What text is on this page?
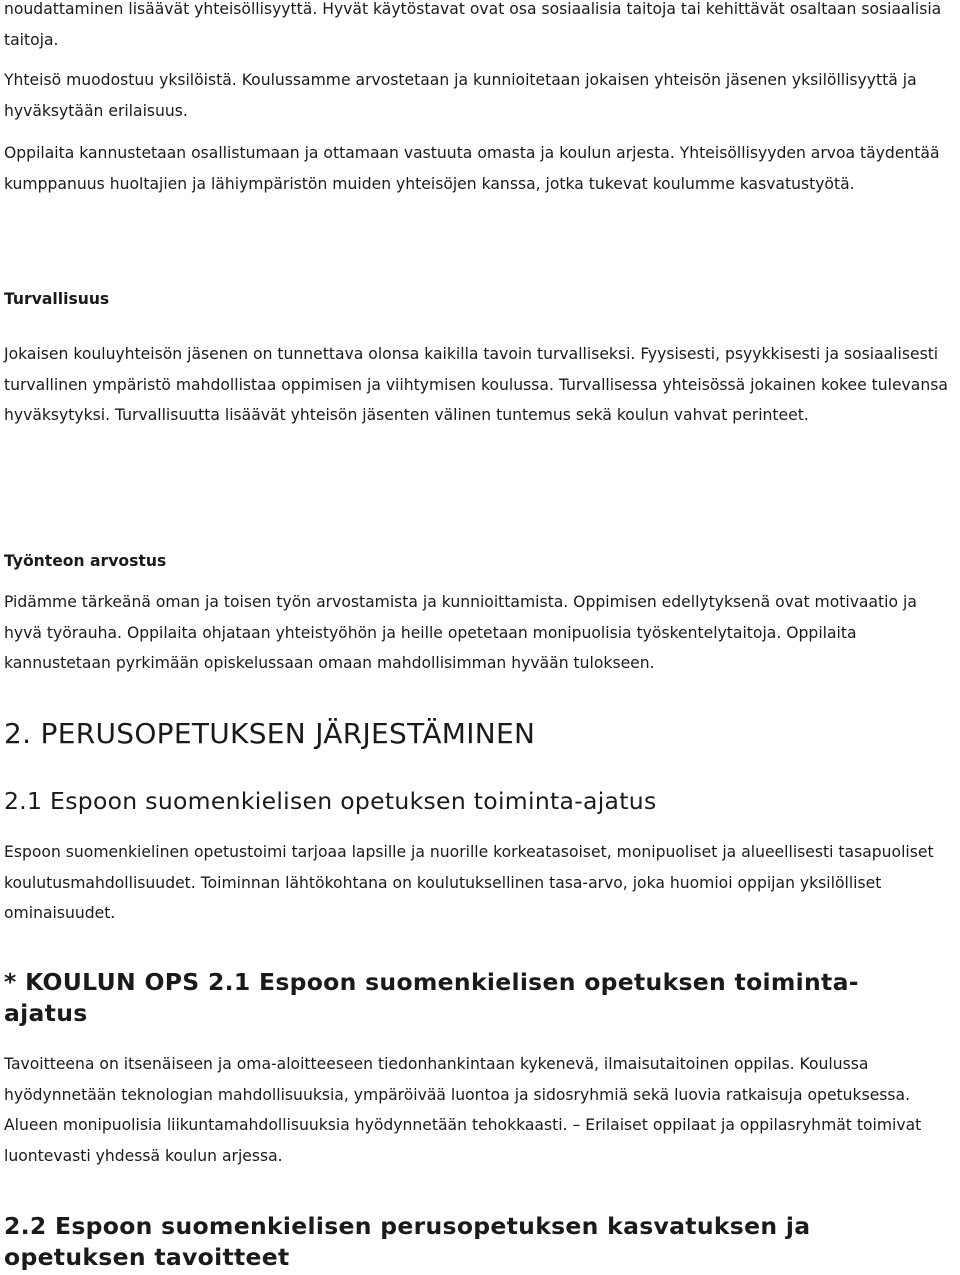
noudattaminen lisäävät yhteisöllisyyttä. Hyvät käytöstavat ovat osa sosiaalisia taitoja tai kehittävät osaltaan sosiaalisia taitoja.

Yhteisö muodostuu yksilöistä. Koulussamme arvostetaan ja kunnioitetaan jokaisen yhteisön jäsenen yksilöllisyyttä ja hyväksytään erilaisuus.

Oppilaita kannustetaan osallistumaan ja ottamaan vastuuta omasta ja koulun arjesta. Yhteisöllisyyden arvoa täydentää kumppanuus huoltajien ja lähiympäristön muiden yhteisöjen kanssa, jotka tukevat koulumme kasvatustyötä.

Turvallisuus

Jokaisen kouluyhteisön jäsenen on tunnettava olonsa kaikilla tavoin turvalliseksi. Fyysisesti, psyykkisesti ja sosiaalisesti turvallinen ympäristö mahdollistaa oppimisen ja viihtymisen koulussa. Turvallisessa yhteisössä jokainen kokee tulevansa hyväksytyksi. Turvallisuutta lisäävät yhteisön jäsenten välinen tuntemus sekä koulun vahvat perinteet.

Työnteon arvostus

Pidämme tärkeänä oman ja toisen työn arvostamista ja kunnioittamista. Oppimisen edellytyksenä ovat motivaatio ja hyvä työrauha. Oppilaita ohjataan yhteistyöhön ja heille opetetaan monipuolisia työskentelytaitoja. Oppilaita kannustetaan pyrkimään opiskelussaan omaan mahdollisimman hyvään tulokseen.

2. PERUSOPETUKSEN JÄRJESTÄMINEN
2.1 Espoon suomenkielisen opetuksen toiminta-ajatus

Espoon suomenkielinen opetustoimi tarjoaa lapsille ja nuorille korkeatasoiset, monipuoliset ja alueellisesti tasapuoliset koulutusmahdollisuudet. Toiminnan lähtökohtana on koulutuksellinen tasa-arvo, joka huomioi oppijan yksilölliset ominaisuudet.

* KOULUN OPS 2.1 Espoon suomenkielisen opetuksen toiminta-ajatus

Tavoitteena on itsenäiseen ja oma-aloitteeseen tiedonhankintaan kykenevä, ilmaisutaitoinen oppilas. Koulussa hyödynnetään teknologian mahdollisuuksia, ympäröivää luontoa ja sidosryhmiä sekä luovia ratkaisuja opetuksessa. Alueen monipuolisia liikuntamahdollisuuksia hyödynnetään tehokkaasti. – Erilaiset oppilaat ja oppilasryhmät toimivat luontevasti yhdessä koulun arjessa.

2.2 Espoon suomenkielisen perusopetuksen kasvatuksen ja opetuksen tavoitteet
